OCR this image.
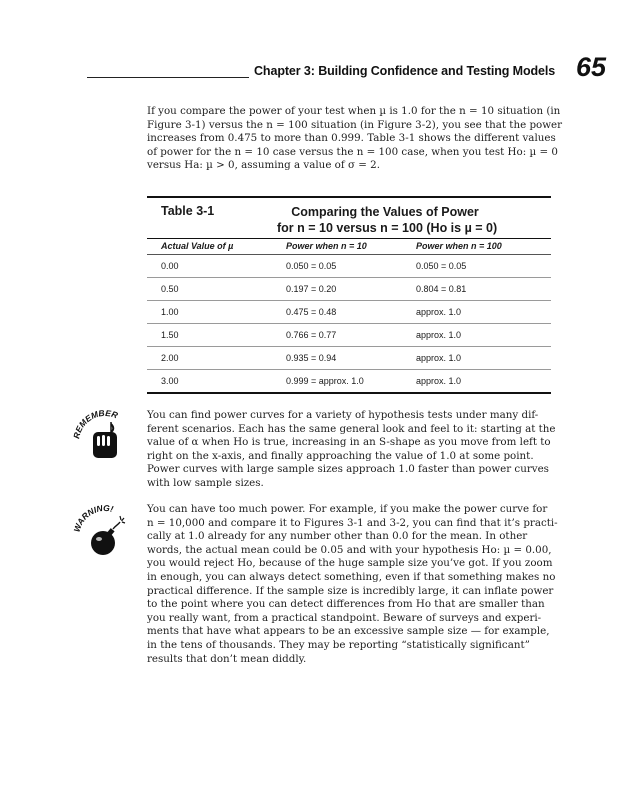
Chapter 3: Building Confidence and Testing Models 65
If you compare the power of your test when µ is 1.0 for the n = 10 situation (in
Figure 3-1) versus the n = 100 situation (in Figure 3-2), you see that the power
increases from 0.475 to more than 0.999. Table 3-1 shows the different values
of power for the n = 10 case versus the n = 100 case, when you test Ho: µ = 0
versus Ha: µ > 0, assuming a value of σ = 2.
Table 3-1	Comparing the Values of Power
for n = 10 versus n = 100 (Ho is µ = 0)
Actual Value of µ	Power when n = 10	Power when n = 100
0.00	0.050 = 0.05	0.050 = 0.05
0.50	0.197 = 0.20	0.804 = 0.81
1.00	0.475 = 0.48	approx. 1.0
1.50	0.766 = 0.77	approx. 1.0
2.00	0.935 = 0.94	approx. 1.0
3.00	0.999 = approx. 1.0	approx. 1.0
EMEMBER	You can find power curves for a variety of hypothesis tests under many dif-
ferent scenarios. Each has the same general look and feel to it: starting at the
value of α when Ho is true, increasing in an S-shape as you move from left to
right on the x-axis, and finally approaching the value of 1.0 at some point.
Power curves with large sample sizes approach 1.0 faster than power curves
with low sample sizes.
ARNING!	You can have too much power. For example, if you make the power curve for
n = 10,000 and compare it to Figures 3-1 and 3-2, you can find that it’s practi-
cally at 1.0 already for any number other than 0.0 for the mean. In other
words, the actual mean could be 0.05 and with your hypothesis Ho: µ = 0.00,
you would reject Ho, because of the huge sample size you’ve got. If you zoom
in enough, you can always detect something, even if that something makes no
practical difference. If the sample size is incredibly large, it can inflate power
to the point where you can detect differences from Ho that are smaller than
you really want, from a practical standpoint. Beware of surveys and experi-
ments that have what appears to be an excessive sample size — for example,
in the tens of thousands. They may be reporting “statistically significant”
results that don’t mean diddly.
